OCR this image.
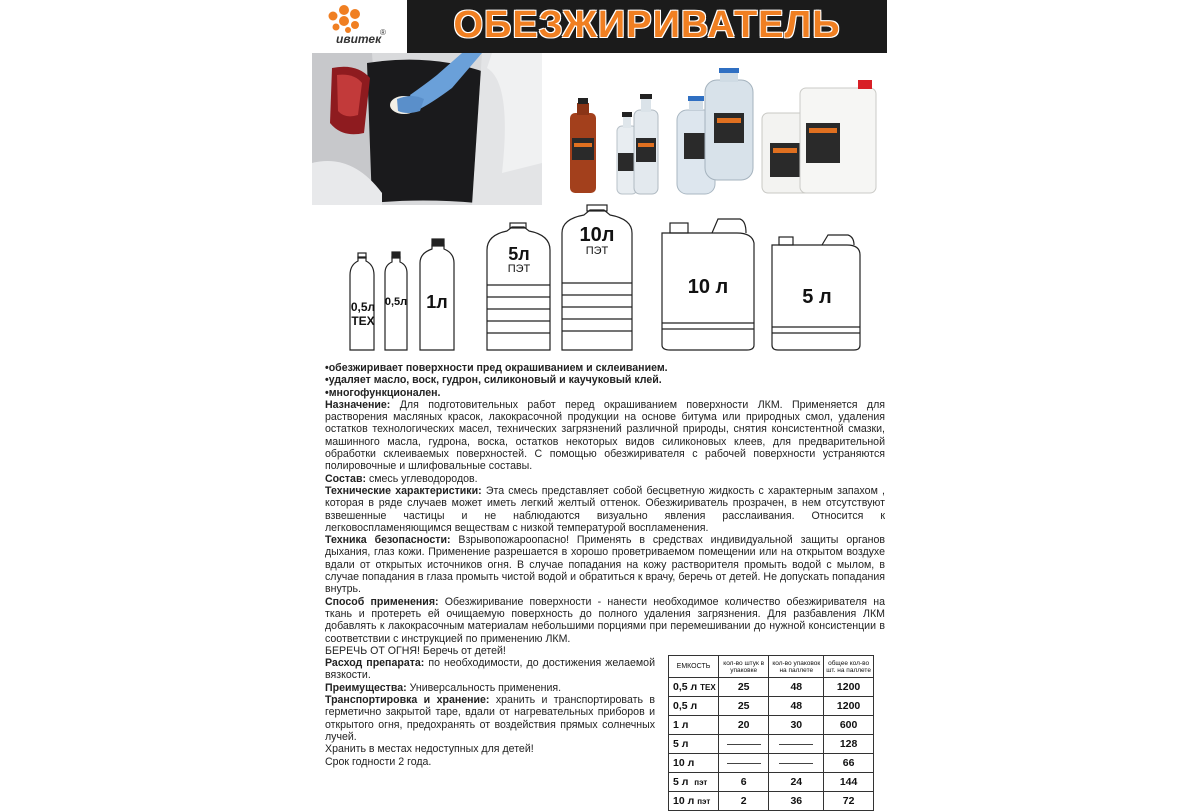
ивитек
®	ОБЕЗЖИРИВАТЕЛЬ
0,5л
ТЕХ
0,5л	1л
5л
ПЭТ
10л
ПЭТ
10 л	5 л

•обезжиривает поверхности пред окрашиванием и склеиванием.

•удаляет масло, воск, гудрон, силиконовый и каучуковый клей.

•многофункционален.

Назначение: Для подготовительных работ перед окрашиванием поверхности ЛКМ. Применяется для растворения масляных красок, лакокрасочной продукции на основе битума или природных смол, удаления остатков технологических масел, технических загрязнений различной природы, снятия консистентной смазки, машинного масла, гудрона, воска, остатков некоторых видов силиконовых клеев, для предварительной обработки склеиваемых поверхностей. С помощью обезжиривателя с рабочей поверхности устраняются полировочные и шлифовальные составы.

Состав: смесь углеводородов.

Технические характеристики: Эта смесь представляет собой бесцветную жидкость с характерным запахом , которая в ряде случаев может иметь легкий желтый оттенок. Обезжириватель прозрачен, в нем отсутствуют взвешенные частицы и не наблюдаются визуально явления расслаивания. Относится к легковоспламеняющимся веществам с низкой температурой воспламенения.

Техника безопасности: Взрывопожароопасно! Применять в средствах индивидуальной защиты органов дыхания, глаз кожи. Применение разрешается в хорошо проветриваемом помещении или на открытом воздухе вдали от открытых источников огня. В случае попадания на кожу растворителя промыть водой с мылом, в случае попадания в глаза промыть чистой водой и обратиться к врачу, беречь от детей. Не допускать попадания внутрь.

Способ применения: Обезжиривание поверхности - нанести необходимое количество обезжиривателя на ткань и протереть ей очищаемую поверхность до полного удаления загрязнения. Для разбавления ЛКМ добавлять к лакокрасочным материалам небольшими порциями при перемешивании до нужной консистенции в соответствии с инструкцией по применению ЛКМ.

БЕРЕЧЬ ОТ ОГНЯ! Беречь от детей!

Расход препарата: по необходимости, до достижения желаемой вязкости.

Преимущества: Универсальность применения.

Транспортировка и хранение: хранить и транспортировать в герметично закрытой таре, вдали от нагревательных приборов и открытого огня, предохранять от воздействия прямых солнечных лучей.

Хранить в местах недоступных для детей!

Срок годности 2 года.

ЕМКОСТЬ	кол-во штук в упаковке	кол-во упаковок на паллете	общее кол-во шт. на паллете
0,5 л ТЕХ	25	48	1200
0,5 л	25	48	1200
1 л	20	30	600
5 л			128
10 л			66
5 л пэт	6	24	144
10 л пэт	2	36	72
